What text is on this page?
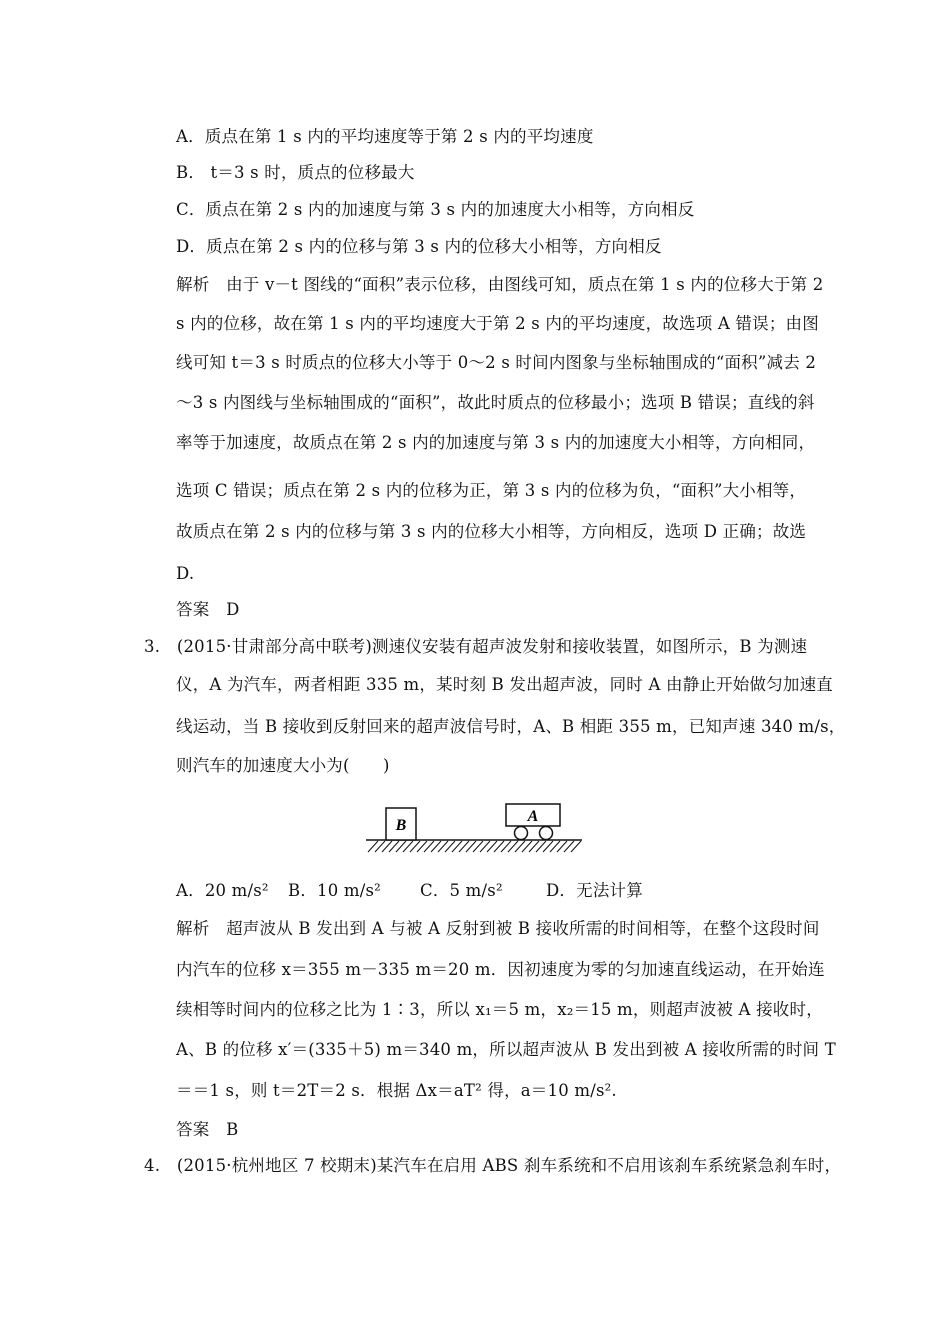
A．质点在第 1 s 内的平均速度等于第 2 s 内的平均速度
B． t＝3 s 时，质点的位移最大
C．质点在第 2 s 内的加速度与第 3 s 内的加速度大小相等，方向相反
D．质点在第 2 s 内的位移与第 3 s 内的位移大小相等，方向相反
解析　由于 v－t 图线的“面积”表示位移，由图线可知，质点在第 1 s 内的位移大于第 2
s 内的位移，故在第 1 s 内的平均速度大于第 2 s 内的平均速度，故选项 A 错误；由图
线可知 t＝3 s 时质点的位移大小等于 0～2 s 时间内图象与坐标轴围成的“面积”减去 2
～3 s 内图线与坐标轴围成的“面积”，故此时质点的位移最小；选项 B 错误；直线的斜
率等于加速度，故质点在第 2 s 内的加速度与第 3 s 内的加速度大小相等，方向相同，
选项 C 错误；质点在第 2 s 内的位移为正，第 3 s 内的位移为负，“面积”大小相等，
故质点在第 2 s 内的位移与第 3 s 内的位移大小相等，方向相反，选项 D 正确；故选
D.
答案　D
3.　(2015·甘肃部分高中联考)测速仪安装有超声波发射和接收装置，如图所示，B 为测速
仪，A 为汽车，两者相距 335 m，某时刻 B 发出超声波，同时 A 由静止开始做匀加速直
线运动，当 B 接收到反射回来的超声波信号时，A、B 相距 355 m，已知声速 340 m/s，
则汽车的加速度大小为(　　)
B
A
A．20 m/s² B．10 m/s² C．5 m/s²	D．无法计算
解析　超声波从 B 发出到 A 与被 A 反射到被 B 接收所需的时间相等，在整个这段时间
内汽车的位移 x＝355 m－335 m＝20 m．因初速度为零的匀加速直线运动，在开始连
续相等时间内的位移之比为 1∶3，所以 x₁＝5 m，x₂＝15 m，则超声波被 A 接收时，
A、B 的位移 x′＝(335＋5) m＝340 m，所以超声波从 B 发出到被 A 接收所需的时间 T
＝＝1 s，则 t＝2T＝2 s．根据 Δx＝aT² 得，a＝10 m/s².
答案　B
4.　(2015·杭州地区 7 校期末)某汽车在启用 ABS 刹车系统和不启用该刹车系统紧急刹车时，
